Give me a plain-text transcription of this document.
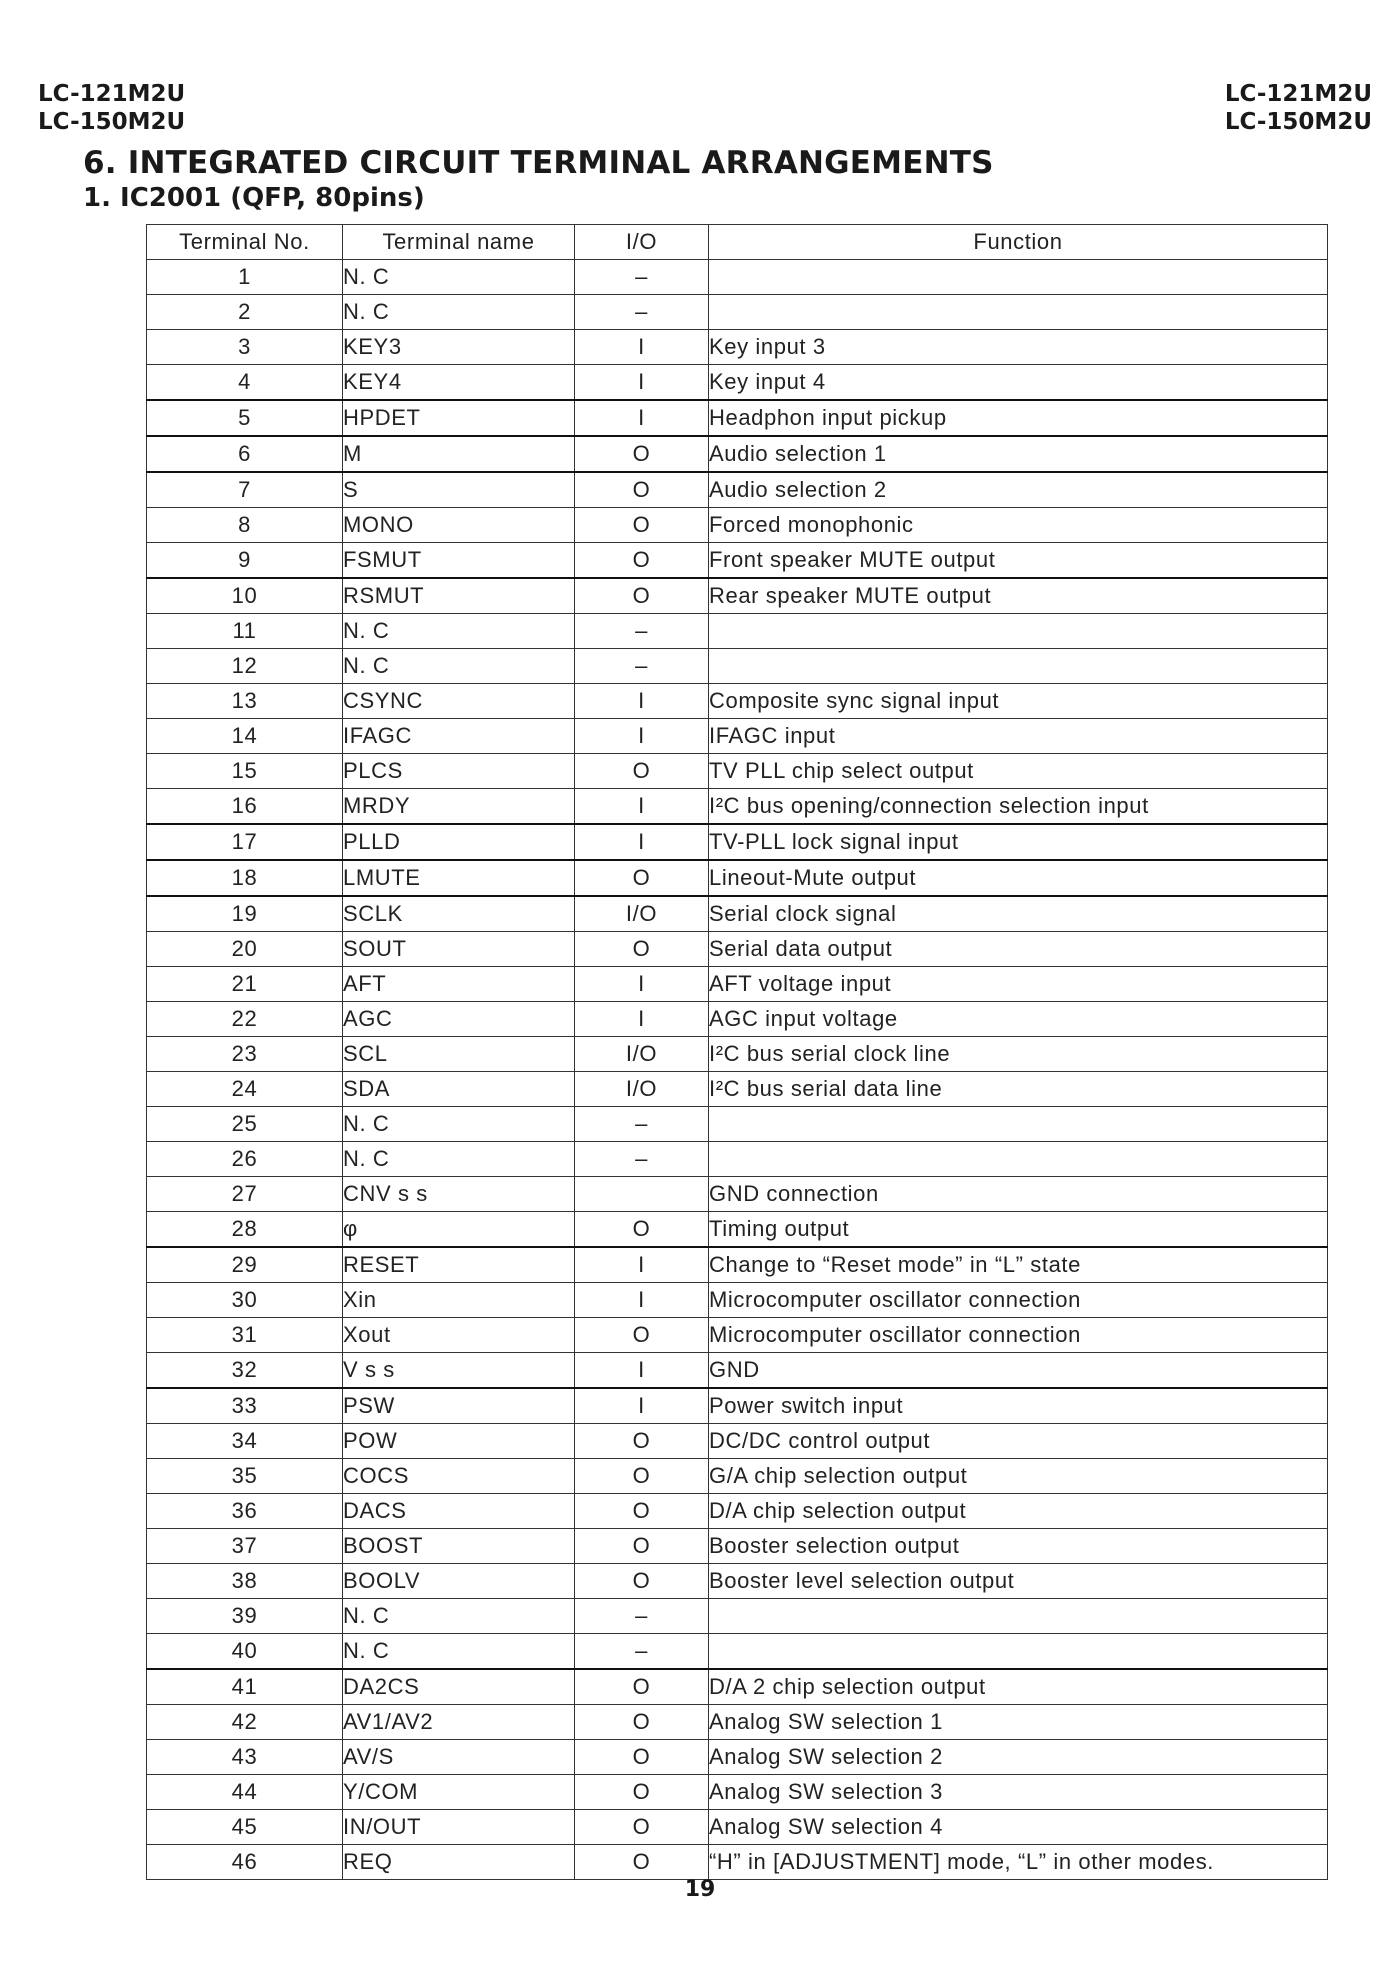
LC-121M2U
LC-150M2U
LC-121M2U
LC-150M2U
6. INTEGRATED CIRCUIT TERMINAL ARRANGEMENTS
1. IC2001 (QFP, 80pins)
Terminal No.	Terminal name	I/O	Function
1	N. C	–	
2	N. C	–	
3	KEY3	I	Key input 3
4	KEY4	I	Key input 4
5	HPDET	I	Headphon input pickup
6	M	O	Audio selection 1
7	S	O	Audio selection 2
8	MONO	O	Forced monophonic
9	FSMUT	O	Front speaker MUTE output
10	RSMUT	O	Rear speaker MUTE output
11	N. C	–	
12	N. C	–	
13	CSYNC	I	Composite sync signal input
14	IFAGC	I	IFAGC input
15	PLCS	O	TV PLL chip select output
16	MRDY	I	I²C bus opening/connection selection input
17	PLLD	I	TV-PLL lock signal input
18	LMUTE	O	Lineout-Mute output
19	SCLK	I/O	Serial clock signal
20	SOUT	O	Serial data output
21	AFT	I	AFT voltage input
22	AGC	I	AGC input voltage
23	SCL	I/O	I²C bus serial clock line
24	SDA	I/O	I²C bus serial data line
25	N. C	–	
26	N. C	–	
27	CNV s s		GND connection
28	φ	O	Timing output
29	RESET	I	Change to “Reset mode” in “L” state
30	Xin	I	Microcomputer oscillator connection
31	Xout	O	Microcomputer oscillator connection
32	V s s	I	GND
33	PSW	I	Power switch input
34	POW	O	DC/DC control output
35	COCS	O	G/A chip selection output
36	DACS	O	D/A chip selection output
37	BOOST	O	Booster selection output
38	BOOLV	O	Booster level selection output
39	N. C	–	
40	N. C	–	
41	DA2CS	O	D/A 2 chip selection output
42	AV1/AV2	O	Analog SW selection 1
43	AV/S	O	Analog SW selection 2
44	Y/COM	O	Analog SW selection 3
45	IN/OUT	O	Analog SW selection 4
46	REQ	O	“H” in [ADJUSTMENT] mode, “L” in other modes.
19
